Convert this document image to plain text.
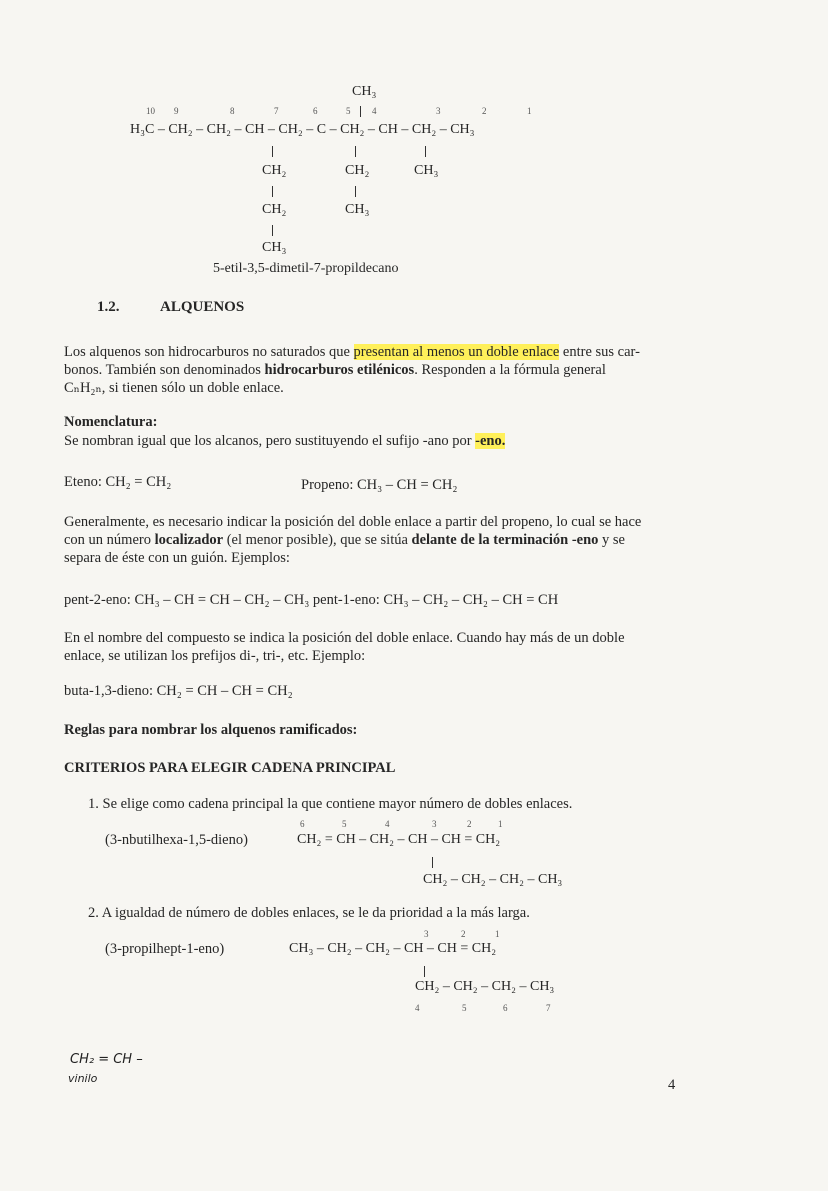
CH₃
10 9	8	7	6	5 4	3	2	1
H₃C – CH₂ – CH₂ – CH – CH₂ – C – CH₂ – CH – CH₂ – CH₃
CH₂	CH₂	CH₃
CH₂	CH₃
CH₃
5-etil-3,5-dimetil-7-propildecano
1.2.	ALQUENOS
Los alquenos son hidrocarburos no saturados que presentan al menos un doble enlace entre sus car-
bonos. También son denominados hidrocarburos etilénicos. Responden a la fórmula general
CₙH₂ₙ, si tienen sólo un doble enlace.
Nomenclatura:
Se nombran igual que los alcanos, pero sustituyendo el sufijo -ano por -eno.
Eteno: CH₂ = CH₂	Propeno: CH₃ – CH = CH₂
Generalmente, es necesario indicar la posición del doble enlace a partir del propeno, lo cual se hace
con un número localizador (el menor posible), que se sitúa delante de la terminación -eno y se
separa de éste con un guión. Ejemplos:
pent-2-eno: CH₃ – CH = CH – CH₂ – CH₃ pent-1-eno: CH₃ – CH₂ – CH₂ – CH = CH
En el nombre del compuesto se indica la posición del doble enlace. Cuando hay más de un doble
enlace, se utilizan los prefijos di-, tri-, etc. Ejemplo:
buta-1,3-dieno: CH₂ = CH – CH = CH₂
Reglas para nombrar los alquenos ramificados:
CRITERIOS PARA ELEGIR CADENA PRINCIPAL
1. Se elige como cadena principal la que contiene mayor número de dobles enlaces.
6	5	4	3	2	1
(3-nbutilhexa-1,5-dieno)	CH₂ = CH – CH₂ – CH – CH = CH₂
CH₂ – CH₂ – CH₂ – CH₃
2. A igualdad de número de dobles enlaces, se le da prioridad a la más larga.
3	2	1
(3-propilhept-1-eno)	CH₃ – CH₂ – CH₂ – CH – CH = CH₂
CH₂ – CH₂ – CH₂ – CH₃
4	5	6	7
CH₂ = CH –
vinilo	4
